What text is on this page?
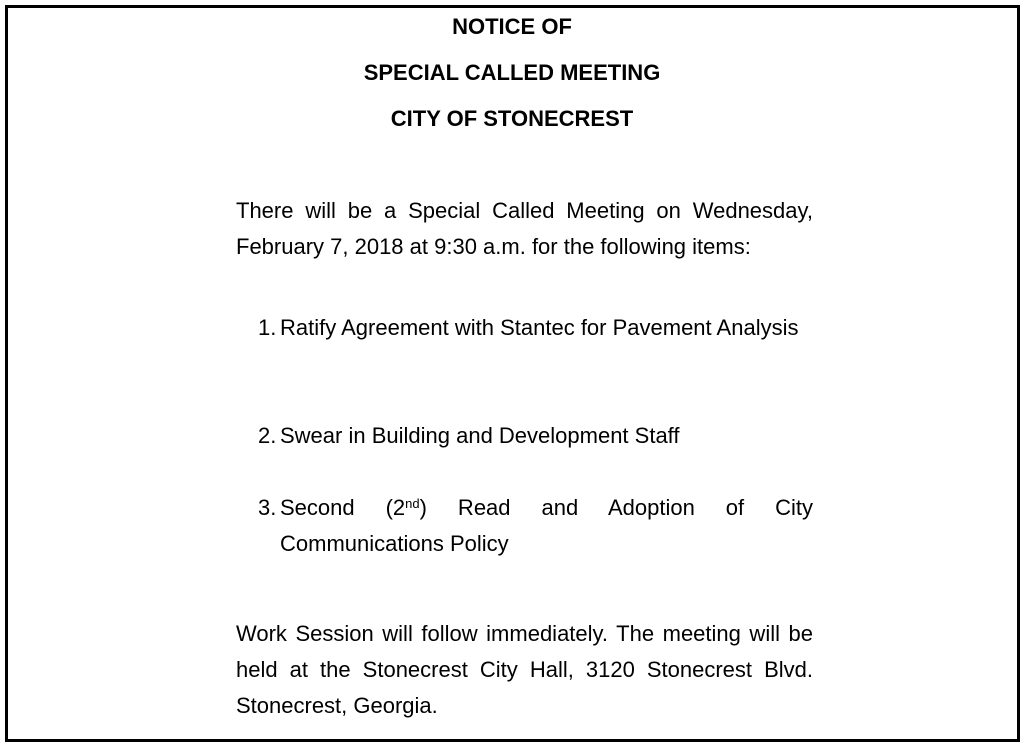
NOTICE OF
SPECIAL CALLED MEETING
CITY OF STONECREST

There will be a Special Called Meeting on Wednesday, February 7, 2018 at 9:30 a.m. for the following items:

1. Ratify Agreement with Stantec for Pavement Analysis
2. Swear in Building and Development Staff
3. Second (2nd) Read and Adoption of City Communications Policy

Work Session will follow immediately. The meeting will be held at the Stonecrest City Hall, 3120 Stonecrest Blvd. Stonecrest, Georgia.
